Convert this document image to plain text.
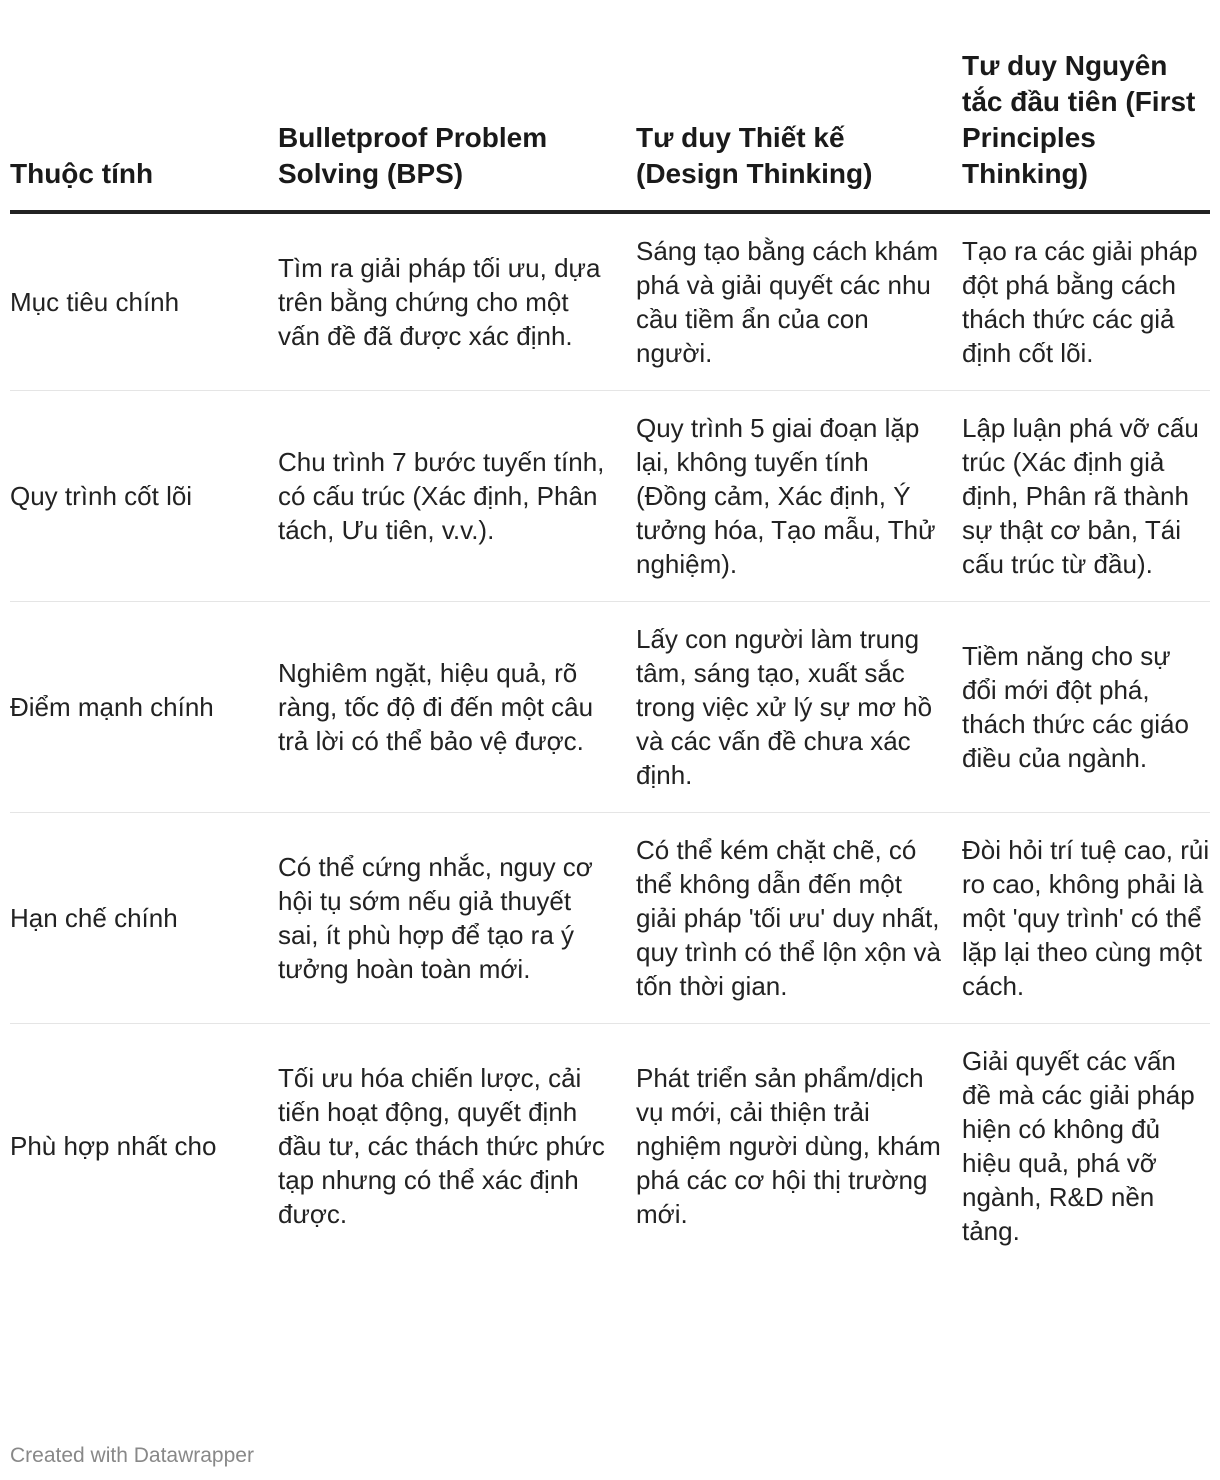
Thuộc tính	Bulletproof Problem Solving (BPS)	Tư duy Thiết kế (Design Thinking)	Tư duy Nguyên tắc đầu tiên (First Principles Thinking)
Mục tiêu chính	Tìm ra giải pháp tối ưu, dựa trên bằng chứng cho một vấn đề đã được xác định.	Sáng tạo bằng cách khám phá và giải quyết các nhu cầu tiềm ẩn của con người.	Tạo ra các giải pháp đột phá bằng cách thách thức các giả định cốt lõi.
Quy trình cốt lõi	Chu trình 7 bước tuyến tính, có cấu trúc (Xác định, Phân tách, Ưu tiên, v.v.).	Quy trình 5 giai đoạn lặp lại, không tuyến tính (Đồng cảm, Xác định, Ý tưởng hóa, Tạo mẫu, Thử nghiệm).	Lập luận phá vỡ cấu trúc (Xác định giả định, Phân rã thành sự thật cơ bản, Tái cấu trúc từ đầu).
Điểm mạnh chính	Nghiêm ngặt, hiệu quả, rõ ràng, tốc độ đi đến một câu trả lời có thể bảo vệ được.	Lấy con người làm trung tâm, sáng tạo, xuất sắc trong việc xử lý sự mơ hồ và các vấn đề chưa xác định.	Tiềm năng cho sự đổi mới đột phá, thách thức các giáo điều của ngành.
Hạn chế chính	Có thể cứng nhắc, nguy cơ hội tụ sớm nếu giả thuyết sai, ít phù hợp để tạo ra ý tưởng hoàn toàn mới.	Có thể kém chặt chẽ, có thể không dẫn đến một giải pháp 'tối ưu' duy nhất, quy trình có thể lộn xộn và tốn thời gian.	Đòi hỏi trí tuệ cao, rủi ro cao, không phải là một 'quy trình' có thể lặp lại theo cùng một cách.
Phù hợp nhất cho	Tối ưu hóa chiến lược, cải tiến hoạt động, quyết định đầu tư, các thách thức phức tạp nhưng có thể xác định được.	Phát triển sản phẩm/dịch vụ mới, cải thiện trải nghiệm người dùng, khám phá các cơ hội thị trường mới.	Giải quyết các vấn đề mà các giải pháp hiện có không đủ hiệu quả, phá vỡ ngành, R&D nền tảng.
Created with Datawrapper
